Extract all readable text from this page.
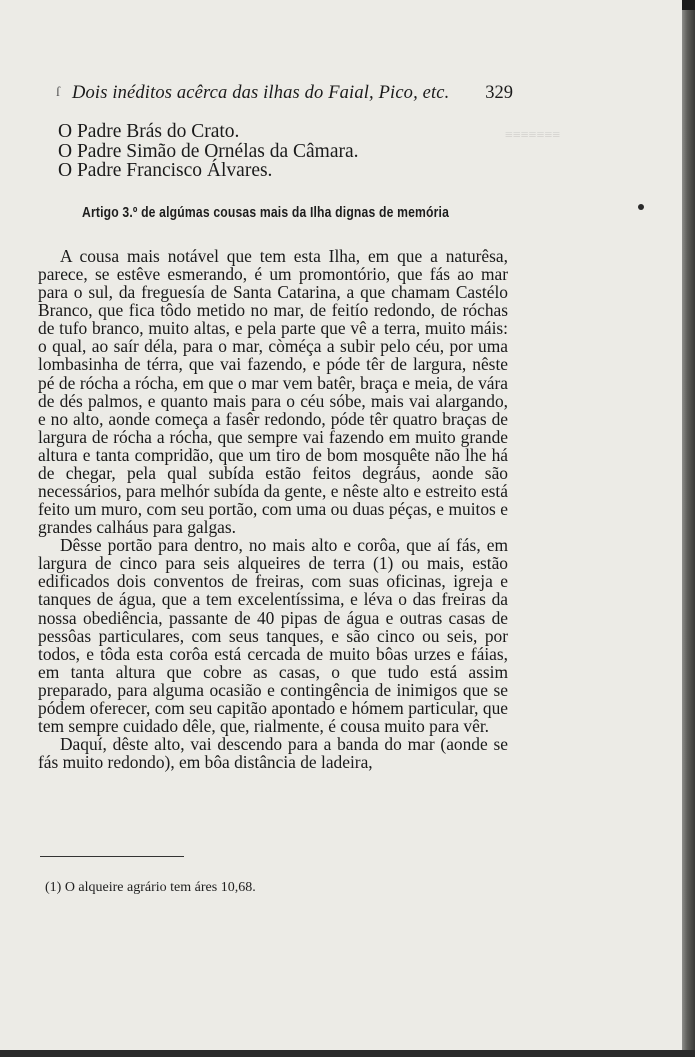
≡≡≡≡≡≡≡
ſ Dois inéditos acêrca das ilhas do Faial, Pico, etc. 329
O Padre Brás do Crato.
O Padre Simão de Ornélas da Câmara.
O Padre Francisco Álvares.
Artigo 3.º de algúmas cousas mais da Ilha dignas de memória

A cousa mais notável que tem esta Ilha, em que a naturêsa, parece, se estêve esmerando, é um promontório, que fás ao mar para o sul, da freguesía de Santa Catarina, a que chamam Castélo Branco, que fica tôdo metido no mar, de feitío redondo, de róchas de tufo branco, muito altas, e pela parte que vê a terra, muito máis: o qual, ao saír déla, para o mar, còméça a subir pelo céu, por uma lombasinha de térra, que vai fazendo, e póde têr de largura, nêste pé de rócha a rócha, em que o mar vem batêr, braça e meia, de vára de dés palmos, e quanto mais para o céu sóbe, mais vai alargando, e no alto, aonde começa a fasêr redondo, póde têr quatro braças de largura de rócha a rócha, que sempre vai fazendo em muito grande altura e tanta compridão, que um tiro de bom mosquête não lhe há de chegar, pela qual subída estão feitos degráus, aonde são necessários, para melhór subída da gente, e nêste alto e estreito está feito um muro, com seu portão, com uma ou duas péças, e muitos e grandes calháus para galgas.

Dêsse portão para dentro, no mais alto e corôa, que aí fás, em largura de cinco para seis alqueires de terra (1) ou mais, estão edificados dois conventos de freiras, com suas oficinas, igreja e tanques de água, que a tem excelentíssima, e léva o das freiras da nossa obediência, passante de 40 pipas de água e outras casas de pessôas particulares, com seus tanques, e são cinco ou seis, por todos, e tôda esta corôa está cercada de muito bôas urzes e fáias, em tanta altura que cobre as casas, o que tudo está assim preparado, para alguma ocasião e contingência de inimigos que se pódem oferecer, com seu capitão apontado e hómem particular, que tem sempre cuidado dêle, que, rialmente, é cousa muito para vêr.

Daquí, dêste alto, vai descendo para a banda do mar (aonde se fás muito redondo), em bôa distância de ladeira,

(1) O alqueire agrário tem áres 10,68.
